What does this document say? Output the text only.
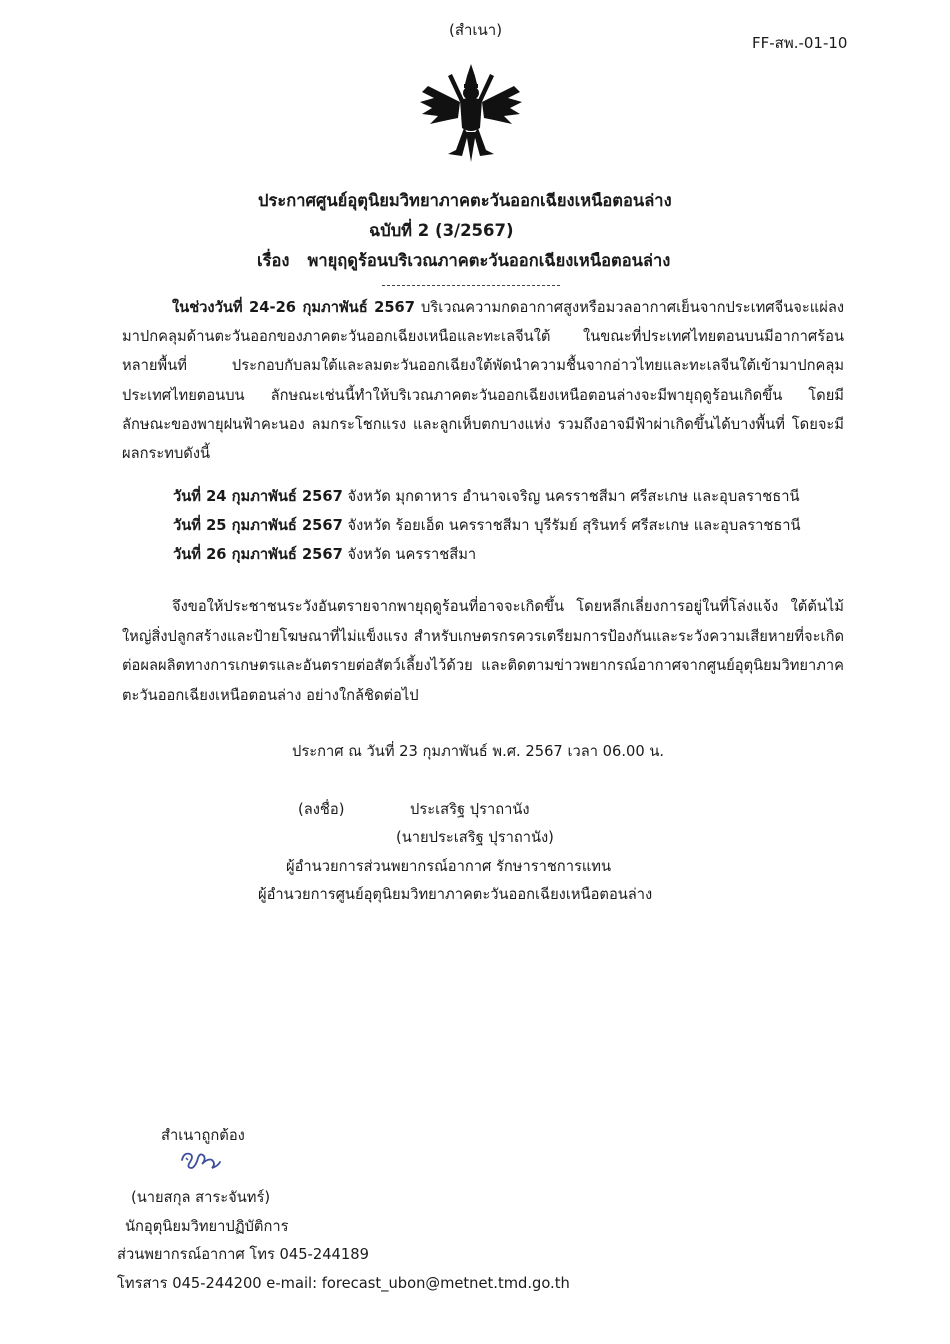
(สำเนา)
FF-สพ.-01-10
ประกาศศูนย์อุตุนิยมวิทยาภาคตะวันออกเฉียงเหนือตอนล่าง
ฉบับที่ 2 (3/2567)
เรื่อง พายุฤดูร้อนบริเวณภาคตะวันออกเฉียงเหนือตอนล่าง
ในช่วงวันที่ 24-26 กุมภาพันธ์ 2567 บริเวณความกดอากาศสูงหรือมวลอากาศเย็นจากประเทศจีนจะแผ่ลงมาปกคลุมด้านตะวันออกของภาคตะวันออกเฉียงเหนือและทะเลจีนใต้ ในขณะที่ประเทศไทยตอนบนมีอากาศร้อนหลายพื้นที่ ประกอบกับลมใต้และลมตะวันออกเฉียงใต้พัดนำความชื้นจากอ่าวไทยและทะเลจีนใต้เข้ามาปกคลุมประเทศไทยตอนบน ลักษณะเช่นนี้ทำให้บริเวณภาคตะวันออกเฉียงเหนือตอนล่างจะมีพายุฤดูร้อนเกิดขึ้น โดยมีลักษณะของพายุฝนฟ้าคะนอง ลมกระโชกแรง และลูกเห็บตกบางแห่ง รวมถึงอาจมีฟ้าผ่าเกิดขึ้นได้บางพื้นที่ โดยจะมีผลกระทบดังนี้
วันที่ 24 กุมภาพันธ์ 2567 จังหวัด มุกดาหาร อำนาจเจริญ นครราชสีมา ศรีสะเกษ และอุบลราชธานี
วันที่ 25 กุมภาพันธ์ 2567 จังหวัด ร้อยเอ็ด นครราชสีมา บุรีรัมย์ สุรินทร์ ศรีสะเกษ และอุบลราชธานี
วันที่ 26 กุมภาพันธ์ 2567 จังหวัด นครราชสีมา
จึงขอให้ประชาชนระวังอันตรายจากพายุฤดูร้อนที่อาจจะเกิดขึ้น โดยหลีกเลี่ยงการอยู่ในที่โล่งแจ้ง ใต้ต้นไม้ใหญ่สิ่งปลูกสร้างและป้ายโฆษณาที่ไม่แข็งแรง สำหรับเกษตรกรควรเตรียมการป้องกันและระวังความเสียหายที่จะเกิดต่อผลผลิตทางการเกษตรและอันตรายต่อสัตว์เลี้ยงไว้ด้วย และติดตามข่าวพยากรณ์อากาศจากศูนย์อุตุนิยมวิทยาภาคตะวันออกเฉียงเหนือตอนล่าง อย่างใกล้ชิดต่อไป
ประกาศ ณ วันที่ 23 กุมภาพันธ์ พ.ศ. 2567 เวลา 06.00 น.
(ลงชื่อ)	ประเสริฐ ปุราถานัง
(นายประเสริฐ ปุราถานัง)
ผู้อำนวยการส่วนพยากรณ์อากาศ รักษาราชการแทน
ผู้อำนวยการศูนย์อุตุนิยมวิทยาภาคตะวันออกเฉียงเหนือตอนล่าง
สำเนาถูกต้อง
(นายสกุล สาระจันทร์)
นักอุตุนิยมวิทยาปฏิบัติการ
ส่วนพยากรณ์อากาศ โทร 045-244189
โทรสาร 045-244200 e-mail: forecast_ubon@metnet.tmd.go.th
